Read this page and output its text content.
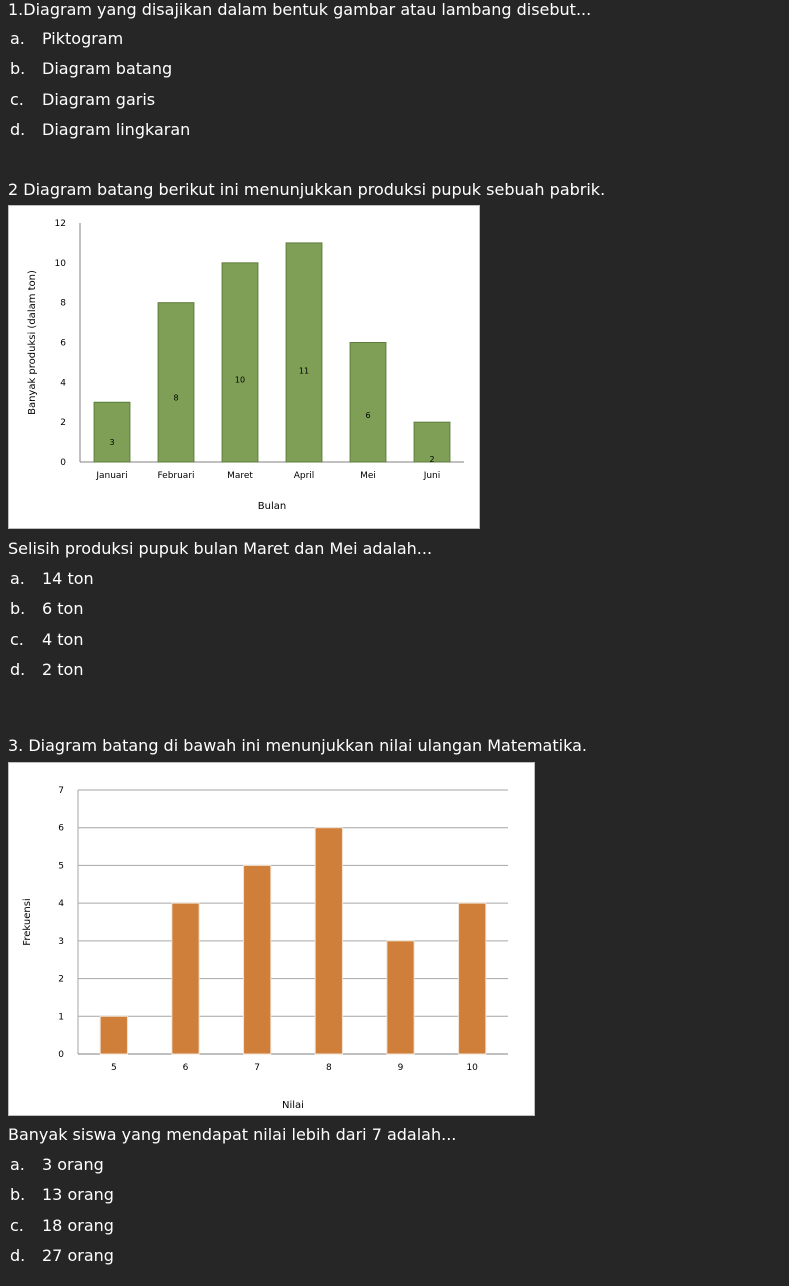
1.Diagram yang disajikan dalam bentuk gambar atau lambang disebut...
a. Piktogram
b. Diagram batang
c. Diagram garis
d. Diagram lingkaran
2 Diagram batang berikut ini menunjukkan produksi pupuk sebuah pabrik.
0
2
4
6
8
10
12
3
Januari
8
Februari
10
Maret
11
April
6
Mei
2
Juni
Bulan
Banyak produksi (dalam ton)
Selisih produksi pupuk bulan Maret dan Mei adalah...
a. 14 ton
b. 6 ton
c. 4 ton
d. 2 ton
3. Diagram batang di bawah ini menunjukkan nilai ulangan Matematika.
0
1
2
3
4
5
6
7
5	6	7	8	9	10
Nilai
Frekuensi
Banyak siswa yang mendapat nilai lebih dari 7 adalah...
a. 3 orang
b. 13 orang
c. 18 orang
d. 27 orang
